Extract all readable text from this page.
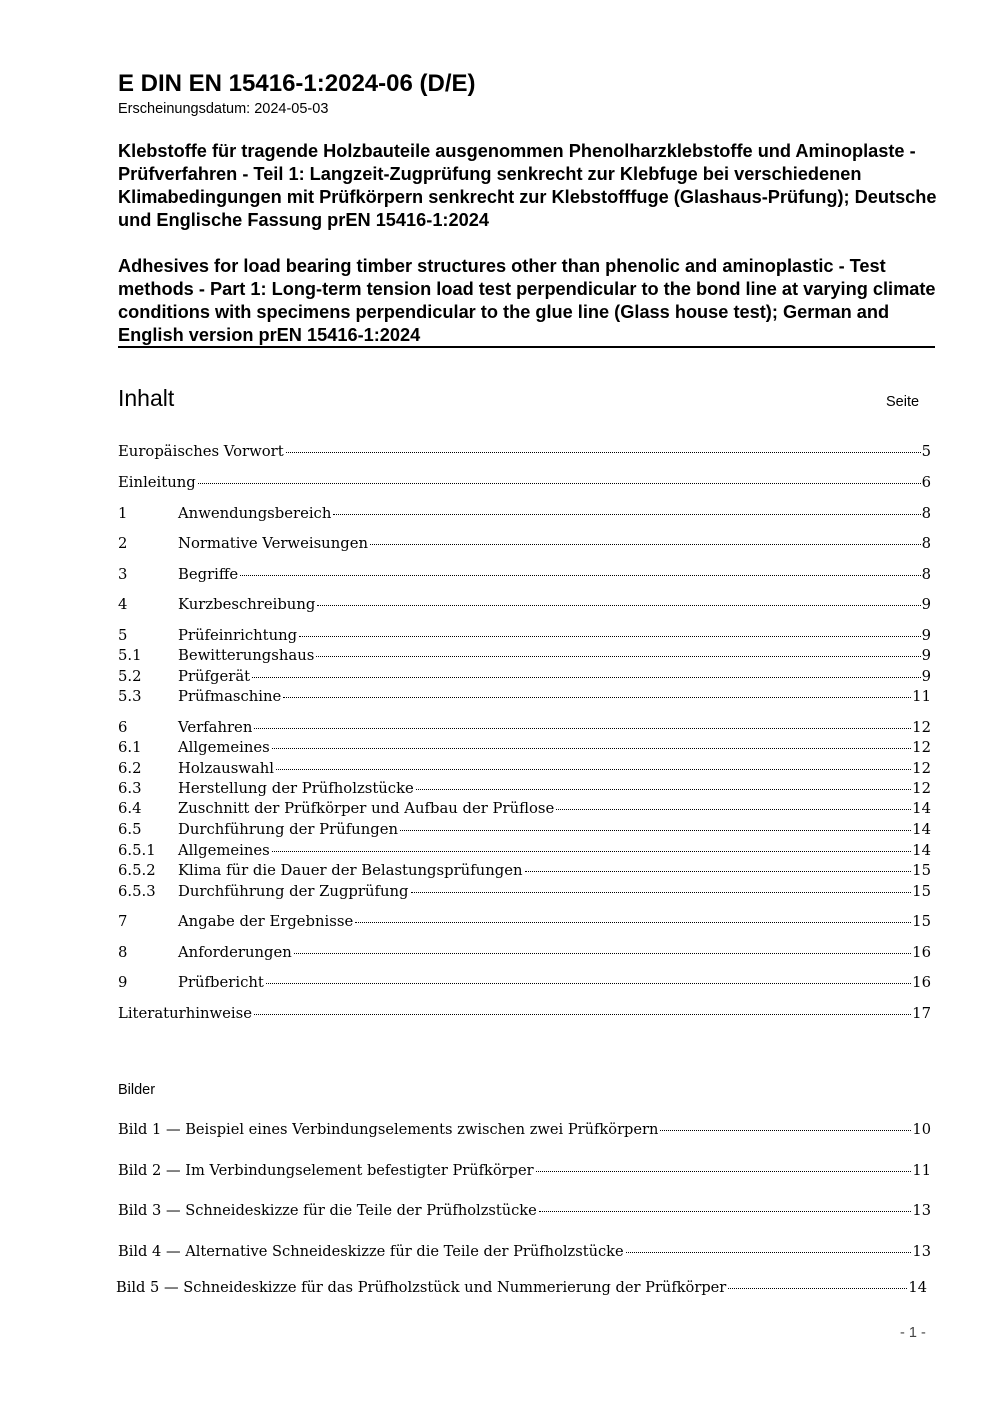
E DIN EN 15416-1:2024-06 (D/E)
Erscheinungsdatum: 2024-05-03
Klebstoffe für tragende Holzbauteile ausgenommen Phenolharzklebstoffe und Aminoplaste - Prüfverfahren - Teil 1: Langzeit-Zugprüfung senkrecht zur Klebfuge bei verschiedenen Klimabedingungen mit Prüfkörpern senkrecht zur Klebstofffuge (Glashaus-Prüfung); Deutsche und Englische Fassung prEN 15416-1:2024
Adhesives for load bearing timber structures other than phenolic and aminoplastic - Test methods - Part 1: Long-term tension load test perpendicular to the bond line at varying climate conditions with specimens perpendicular to the glue line (Glass house test); German and English version prEN 15416-1:2024
Inhalt	Seite
Europäisches Vorwort	5
Einleitung	6
1	Anwendungsbereich	8
2	Normative Verweisungen	8
3	Begriffe	8
4	Kurzbeschreibung	9
5	Prüfeinrichtung	9
5.1	Bewitterungshaus	9
5.2	Prüfgerät	9
5.3	Prüfmaschine	11
6	Verfahren	12
6.1	Allgemeines	12
6.2	Holzauswahl	12
6.3	Herstellung der Prüfholzstücke	12
6.4	Zuschnitt der Prüfkörper und Aufbau der Prüflose	14
6.5	Durchführung der Prüfungen	14
6.5.1	Allgemeines	14
6.5.2	Klima für die Dauer der Belastungsprüfungen	15
6.5.3	Durchführung der Zugprüfung	15
7	Angabe der Ergebnisse	15
8	Anforderungen	16
9	Prüfbericht	16
Literaturhinweise	17
Bilder
Bild 1 — Beispiel eines Verbindungselements zwischen zwei Prüfkörpern	10
Bild 2 — Im Verbindungselement befestigter Prüfkörper	11
Bild 3 — Schneideskizze für die Teile der Prüfholzstücke	13
Bild 4 — Alternative Schneideskizze für die Teile der Prüfholzstücke	13
Bild 5 — Schneideskizze für das Prüfholzstück und Nummerierung der Prüfkörper	14
- 1 -
